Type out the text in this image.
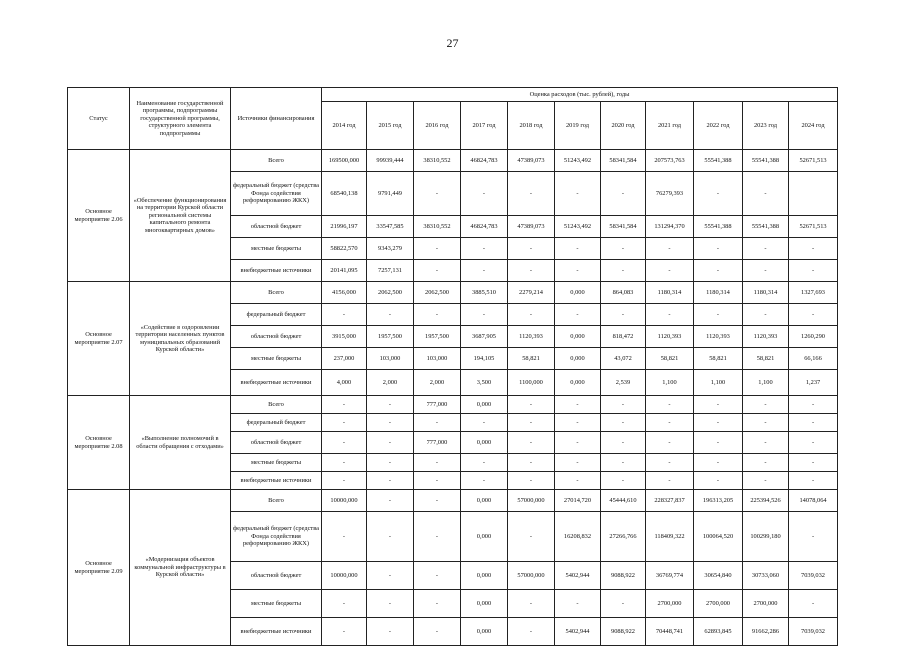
27
Статус	Наименование государственной программы, подпрограммы государственной программы, структурного элемента подпрограммы	Источники финансирования	Оценка расходов (тыс. рублей), годы										
			2014 год	2015 год	2016 год	2017 год	2018 год	2019 год	2020 год	2021 год	2022 год	2023 год	2024 год
Основное мероприятие 2.06	«Обеспечение функционирования на территории Курской области региональной системы капитального ремонта многоквартирных домов»	Всего	169500,000	99939,444	38310,552	46824,783	47389,073	51243,492	58341,584	207573,763	55541,388	55541,388	52671,513
		федеральный бюджет (средства Фонда содействия реформированию ЖКХ)	68540,138	9791,449	-	-	-	-	-	76279,393	-	-	
		областной бюджет	21996,197	33547,585	38310,552	46824,783	47389,073	51243,492	58341,584	131294,370	55541,388	55541,388	52671,513
		местные бюджеты	58822,570	9343,279	-	-	-	-	-	-	-	-	-
		внебюджетные источники	20141,095	7257,131	-	-	-	-	-	-	-	-	-
Основное мероприятие 2.07	«Содействие в оздоровлении территории населенных пунктов муниципальных образований Курской области»	Всего	4156,000	2062,500	2062,500	3885,510	2279,214	0,000	864,083	1180,314	1180,314	1180,314	1327,693
		федеральный бюджет	-	-	-	-	-	-	-	-	-	-	-
		областной бюджет	3915,000	1957,500	1957,500	3687,905	1120,393	0,000	818,472	1120,393	1120,393	1120,393	1260,290
		местные бюджеты	237,000	103,000	103,000	194,105	58,821	0,000	43,072	58,821	58,821	58,821	66,166
		внебюджетные источники	4,000	2,000	2,000	3,500	1100,000	0,000	2,539	1,100	1,100	1,100	1,237
Основное мероприятие 2.08	«Выполнение полномочий в области обращения с отходами»	Всего	-	-	777,000	0,000	-	-	-	-	-	-	-
		федеральный бюджет	-	-	-	-	-	-	-	-	-	-	-
		областной бюджет	-	-	777,000	0,000	-	-	-	-	-	-	-
		местные бюджеты	-	-	-	-	-	-	-	-	-	-	-
		внебюджетные источники	-	-	-	-	-	-	-	-	-	-	-
Основное мероприятие 2.09	«Модернизация объектов коммунальной инфраструктуры в Курской области»	Всего	10000,000	-	-	0,000	57000,000	27014,720	45444,610	228327,837	196313,205	225394,526	14078,064
		федеральный бюджет (средства Фонда содействия реформированию ЖКХ)	-	-	-	0,000	-	16208,832	27266,766	118409,322	100064,520	100299,180	-
		областной бюджет	10000,000	-	-	0,000	57000,000	5402,944	9088,922	36769,774	30654,840	30733,060	7039,032
		местные бюджеты	-	-	-	0,000	-	-	-	2700,000	2700,000	2700,000	-
		внебюджетные источники	-	-	-	0,000	-	5402,944	9088,922	70448,741	62893,845	91662,286	7039,032
